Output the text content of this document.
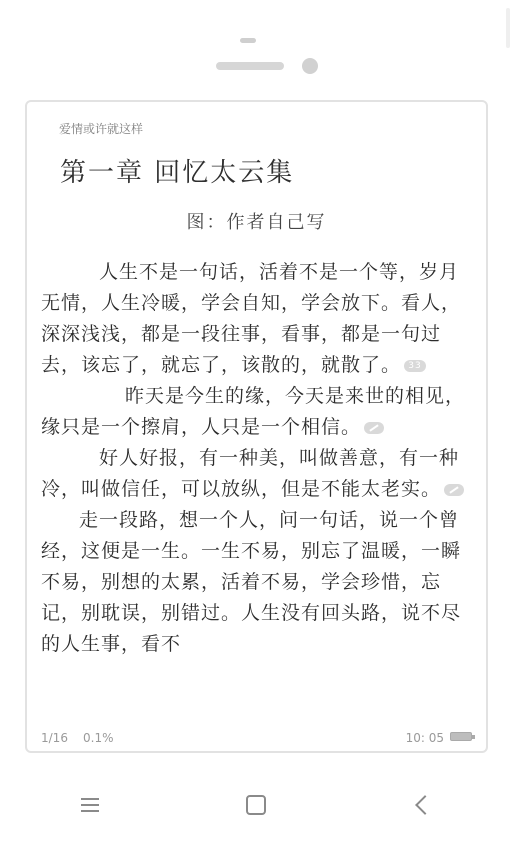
爱情或许就这样
第一章 回忆太云集
图：作者自己写

人生不是一句话，活着不是一个等，岁月无情，人生冷暖，学会自知，学会放下。看人，深深浅浅，都是一段往事，看事，都是一句过去，该忘了，就忘了，该散的，就散了。 33

昨天是今生的缘，今天是来世的相见，缘只是一个擦肩，人只是一个相信。

好人好报，有一种美，叫做善意，有一种冷，叫做信任，可以放纵，但是不能太老实。

走一段路，想一个人，问一句话，说一个曾经，这便是一生。一生不易，别忘了温暖，一瞬不易，别想的太累，活着不易，学会珍惜，忘记，别耽误，别错过。人生没有回头路，说不尽的人生事，看不

1/16 0.1%	10: 05
